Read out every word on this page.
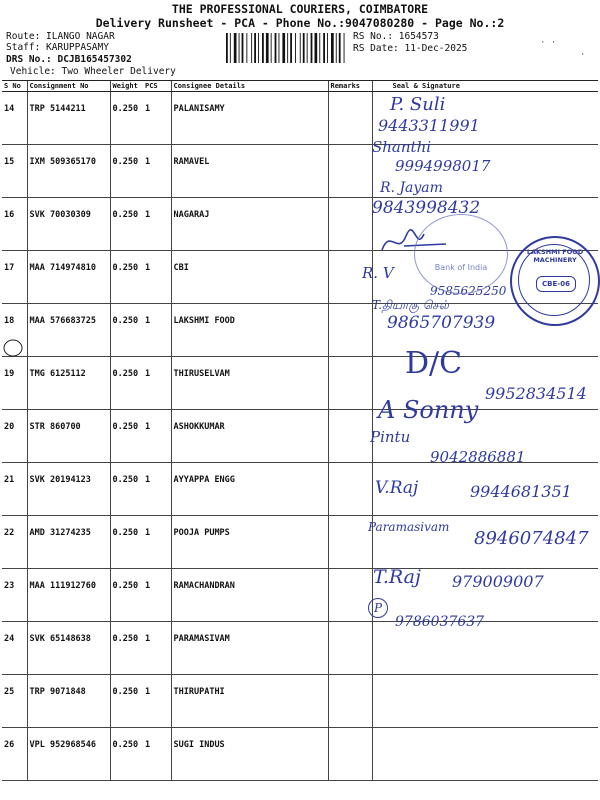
THE PROFESSIONAL COURIERS, COIMBATORE
Delivery Runsheet - PCA - Phone No.:9047080280 - Page No.:2
Route: ILANGO NAGAR
Staff: KARUPPASAMY
DRS No.: DCJB165457302
Vehicle: Two Wheeler Delivery
RS No.: 1654573
RS Date: 11-Dec-2025	· ·
·
S No	Consignment No	Weight	PCS	Consignee Details	Remarks	Seal & Signature
14	TRP 5144211	0.250	1	PALANISAMY		
15	IXM 509365170	0.250	1	RAMAVEL		
16	SVK 70030309	0.250	1	NAGARAJ		
17	MAA 714974810	0.250	1	CBI		
18	MAA 576683725	0.250	1	LAKSHMI FOOD		
19	TMG 6125112	0.250	1	THIRUSELVAM		
20	STR 860700	0.250	1	ASHOKKUMAR		
21	SVK 20194123	0.250	1	AYYAPPA ENGG		
22	AMD 31274235	0.250	1	POOJA PUMPS		
23	MAA 111912760	0.250	1	RAMACHANDRAN		
24	SVK 65148638	0.250	1	PARAMASIVAM		
25	TRP 9071848	0.250	1	THIRUPATHI		
26	VPL 952968546	0.250	1	SUGI INDUS		
P. Suli
9443311991
Shanthi
9994998017
R. Jayam
9843998432
R. V
9585625250
T.தியாகு செல்
9865707939
D/C
A Sonny
9952834514
Pintu
9042886881
V.Raj	9944681351
Paramasivam
8946074847
T.Raj 979009007
P
9786037637
Bank of India
LAKSHMI FOOD MACHINERY
CBE-06
